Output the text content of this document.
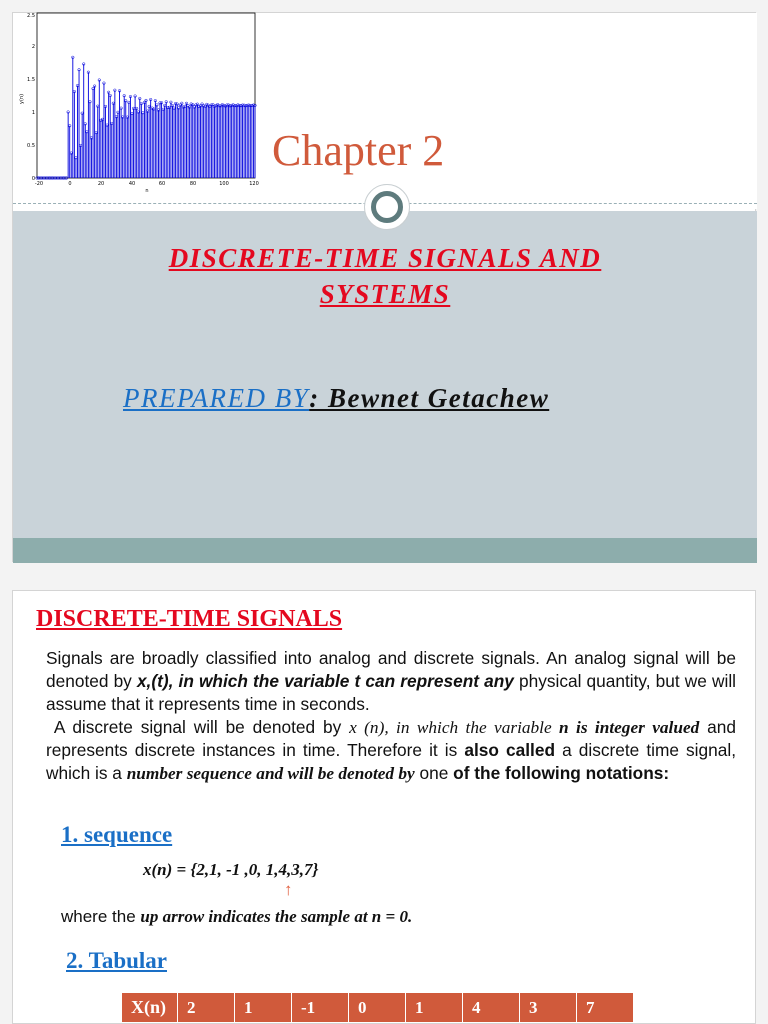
y(n)
0
0.5
1
1.5
2
2.5
-20	0	20	40	60	80	100	120
n
Chapter 2
DISCRETE-TIME SIGNALS AND
SYSTEMS
PREPARED BY: Bewnet Getachew
DISCRETE-TIME SIGNALS
Signals are broadly classified into analog and discrete signals. An analog signal will be denoted by x,(t), in which the variable t can represent any physical quantity, but we will assume that it represents time in seconds.
A discrete signal will be denoted by x (n), in which the variable n is integer valued and represents discrete instances in time. Therefore it is also called a discrete time signal, which is a number sequence and will be denoted by one of the following notations:
1. sequence
x(n) = {2,1, -1 ,0, 1,4,3,7}
↑
where the up arrow indicates the sample at n = 0.
2. Tabular
X(n)	2	1	-1	0	1	4	3	7
